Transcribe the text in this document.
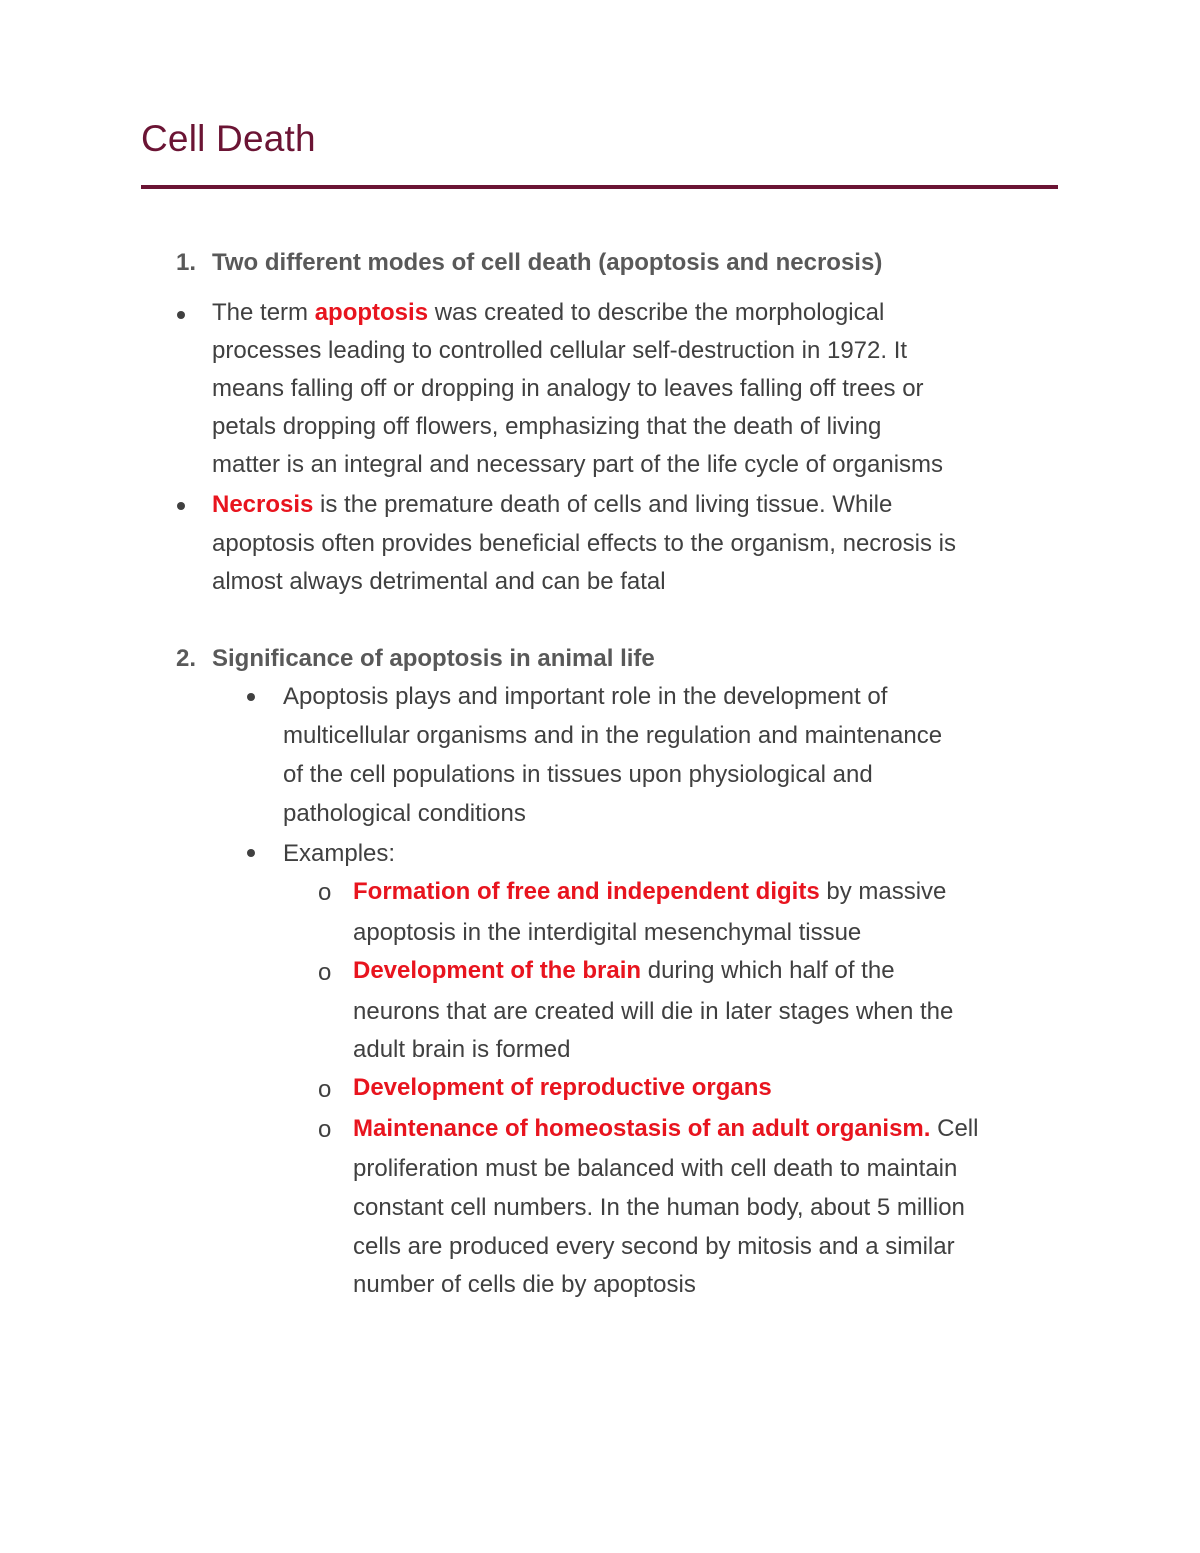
Cell Death
1. Two different modes of cell death (apoptosis and necrosis)
The term apoptosis was created to describe the morphological
processes leading to controlled cellular self-destruction in 1972. It
means falling off or dropping in analogy to leaves falling off trees or
petals dropping off flowers, emphasizing that the death of living
matter is an integral and necessary part of the life cycle of organisms
Necrosis is the premature death of cells and living tissue. While
apoptosis often provides beneficial effects to the organism, necrosis is
almost always detrimental and can be fatal
2. Significance of apoptosis in animal life
Apoptosis plays and important role in the development of
multicellular organisms and in the regulation and maintenance
of the cell populations in tissues upon physiological and
pathological conditions
Examples:
o Formation of free and independent digits by massive
apoptosis in the interdigital mesenchymal tissue
o Development of the brain during which half of the
neurons that are created will die in later stages when the
adult brain is formed
o Development of reproductive organs
o Maintenance of homeostasis of an adult organism. Cell
proliferation must be balanced with cell death to maintain
constant cell numbers. In the human body, about 5 million
cells are produced every second by mitosis and a similar
number of cells die by apoptosis
